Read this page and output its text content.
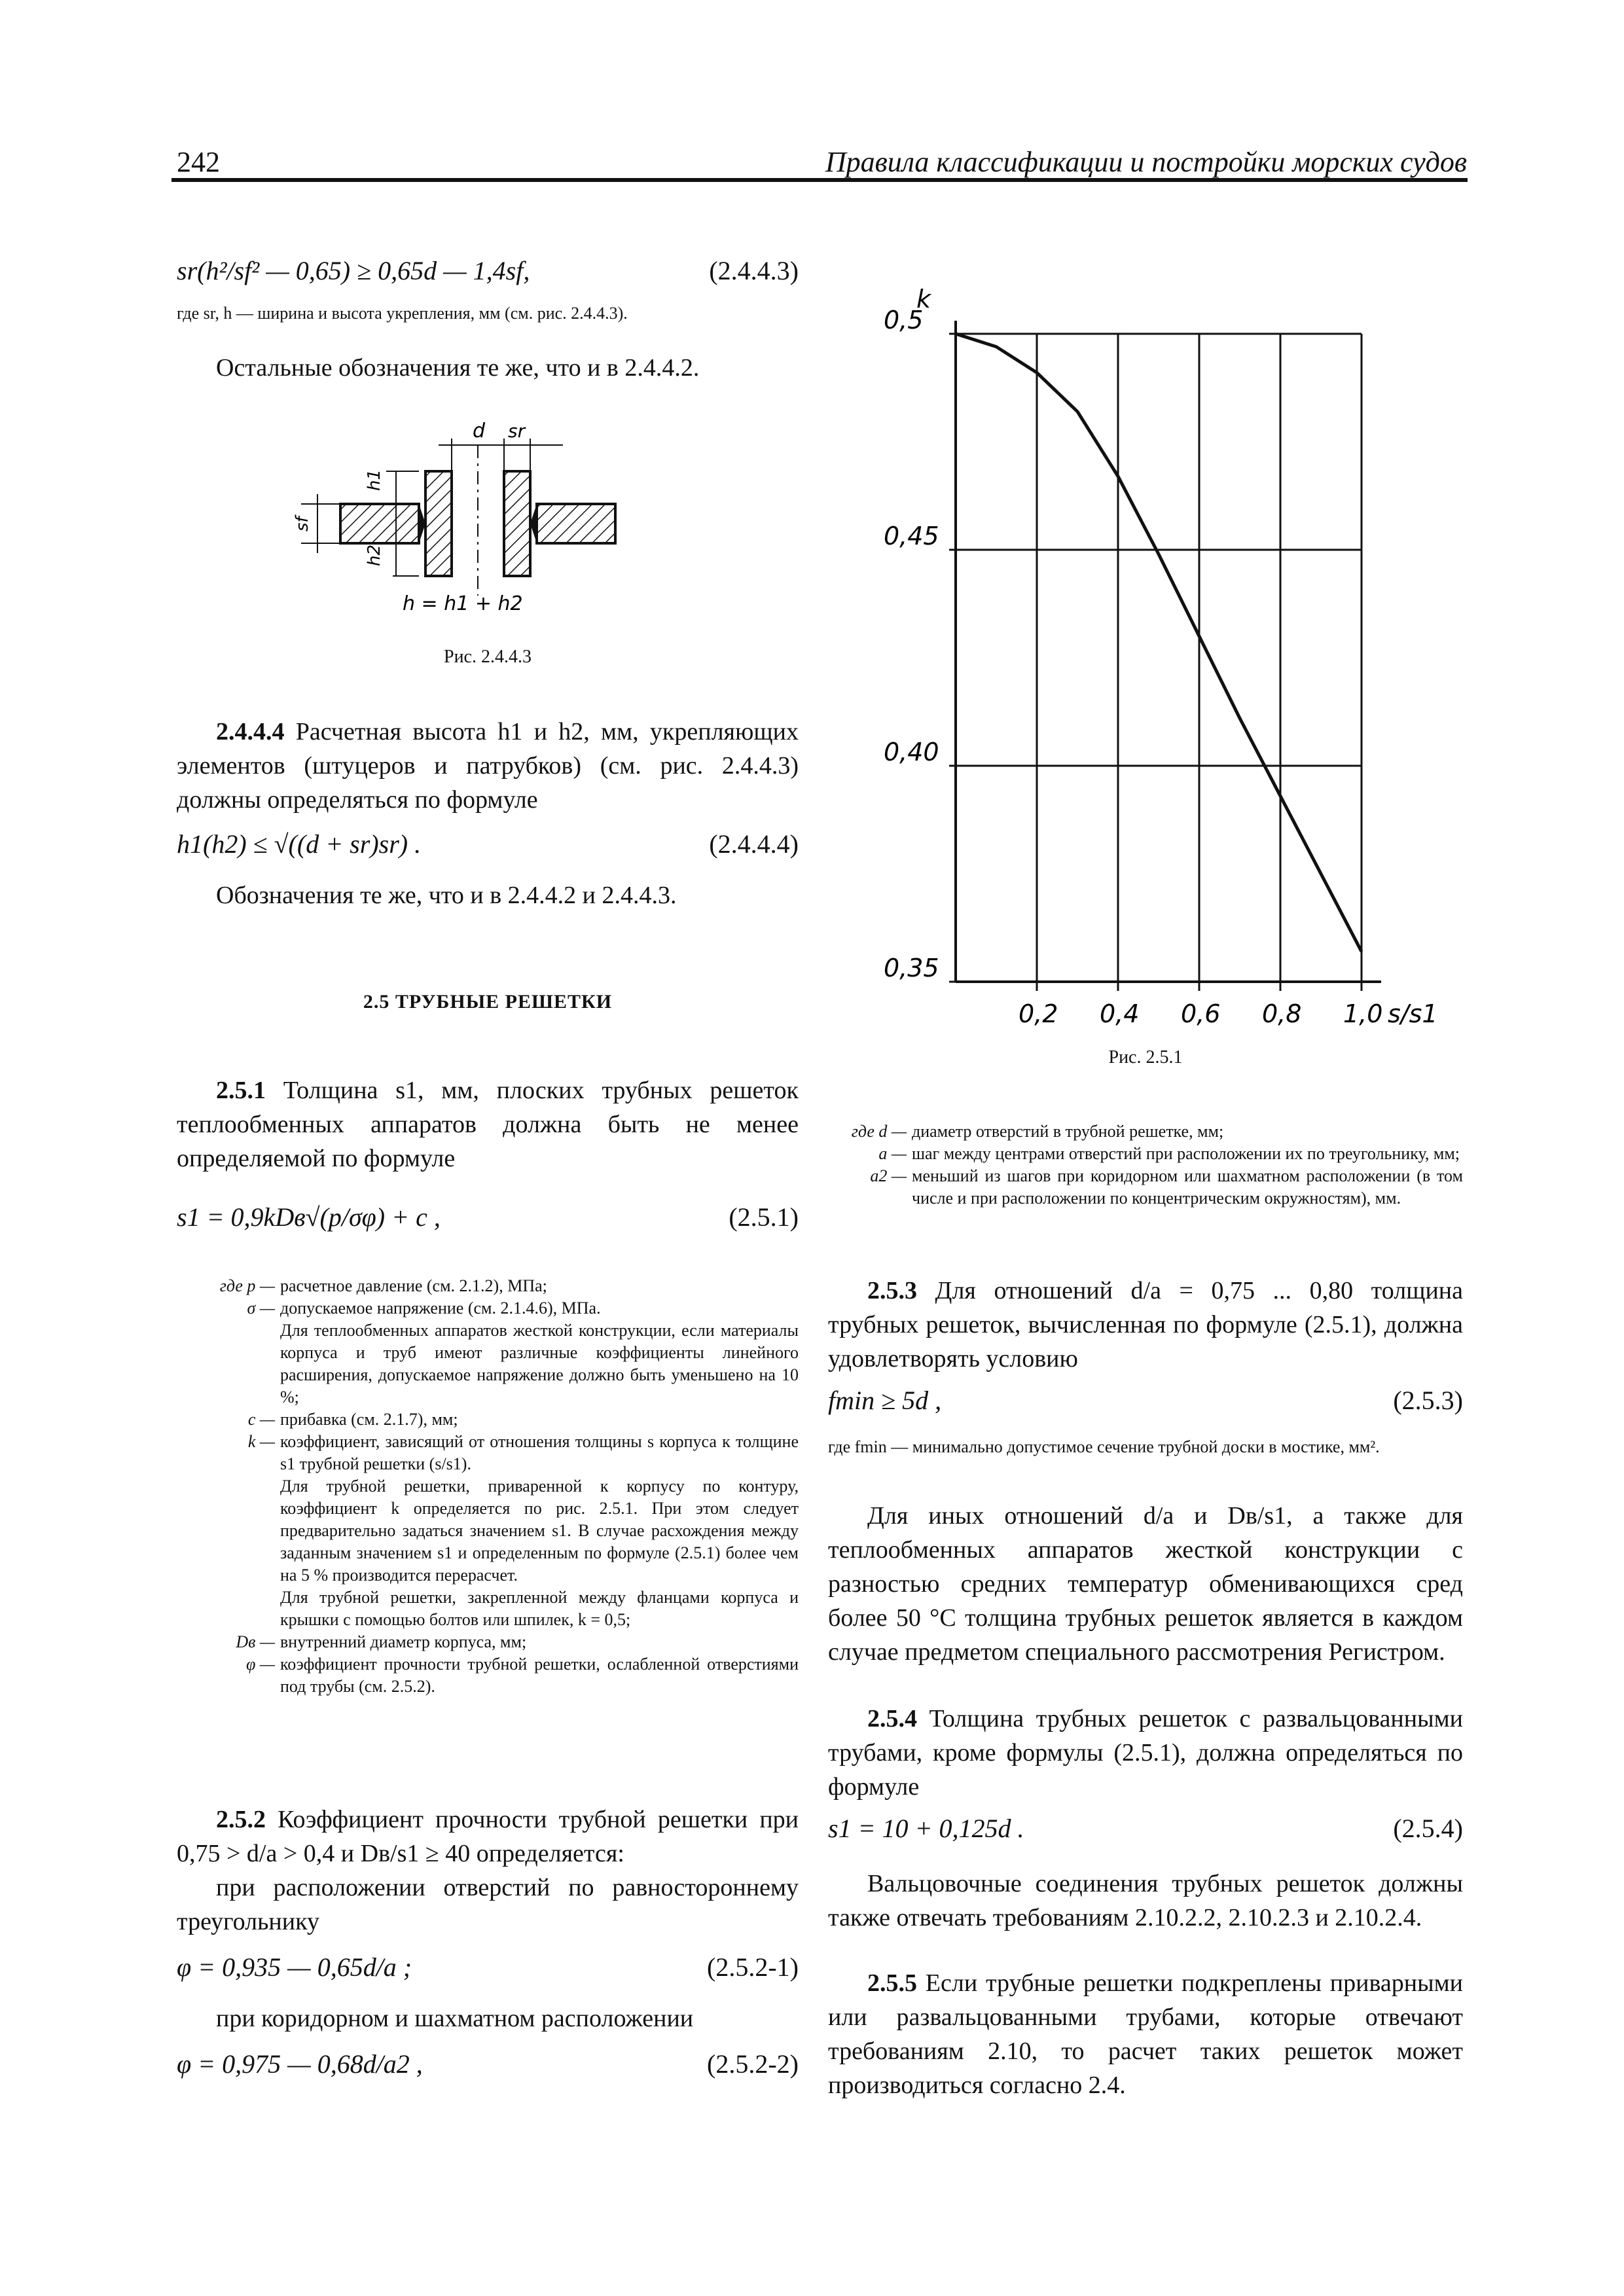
242	Правила классификации и постройки морских судов
sr(h²/sf² — 0,65) ≥ 0,65d — 1,4sf,	(2.4.4.3)
где sr, h — ширина и высота укрепления, мм (см. рис. 2.4.4.3).
Остальные обозначения те же, что и в 2.4.4.2.
d sr
h1
h2
sf
h = h1 + h2
Рис. 2.4.4.3
2.4.4.4 Расчетная высота h1 и h2, мм, укрепляющих элементов (штуцеров и патрубков) (см. рис. 2.4.4.3) должны определяться по формуле
h1(h2) ≤ √((d + sr)sr) .	(2.4.4.4)
Обозначения те же, что и в 2.4.4.2 и 2.4.4.3.
2.5 ТРУБНЫЕ РЕШЕТКИ
2.5.1 Толщина s1, мм, плоских трубных решеток теплообменных аппаратов должна быть не менее определяемой по формуле
s1 = 0,9kDв√(p/σφ) + c ,	(2.5.1)
где p — расчетное давление (см. 2.1.2), МПа;
σ — допускаемое напряжение (см. 2.1.4.6), МПа.
Для теплообменных аппаратов жесткой конструкции, если материалы корпуса и труб имеют различные коэффициенты линейного расширения, допускаемое напряжение должно быть уменьшено на 10 %;
c — прибавка (см. 2.1.7), мм;
k — коэффициент, зависящий от отношения толщины s корпуса к толщине s1 трубной решетки (s/s1).
Для трубной решетки, приваренной к корпусу по контуру, коэффициент k определяется по рис. 2.5.1. При этом следует предварительно задаться значением s1. В случае расхождения между заданным значением s1 и определенным по формуле (2.5.1) более чем на 5 % производится перерасчет.
Для трубной решетки, закрепленной между фланцами корпуса и крышки с помощью болтов или шпилек, k = 0,5;
Dв — внутренний диаметр корпуса, мм;
φ — коэффициент прочности трубной решетки, ослабленной отверстиями под трубы (см. 2.5.2).
2.5.2 Коэффициент прочности трубной решетки при 0,75 > d/a > 0,4 и Dв/s1 ≥ 40 определяется:
при расположении отверстий по равностороннему треугольнику
φ = 0,935 — 0,65d/a ;	(2.5.2-1)
при коридорном и шахматном расположении
φ = 0,975 — 0,68d/a2 ,	(2.5.2-2)
0,2 0,4 0,6 0,8 1,0
0,5
0,45
0,40
0,35
k
s/s1
Рис. 2.5.1
где d — диаметр отверстий в трубной решетке, мм;
a — шаг между центрами отверстий при расположении их по треугольнику, мм;
a2 — меньший из шагов при коридорном или шахматном расположении (в том числе и при расположении по концентрическим окружностям), мм.
2.5.3 Для отношений d/a = 0,75 ... 0,80 толщина трубных решеток, вычисленная по формуле (2.5.1), должна удовлетворять условию
fmin ≥ 5d ,	(2.5.3)
где fmin — минимально допустимое сечение трубной доски в мостике, мм².
Для иных отношений d/a и Dв/s1, а также для теплообменных аппаратов жесткой конструкции с разностью средних температур обменивающихся сред более 50 °С толщина трубных решеток является в каждом случае предметом специального рассмотрения Регистром.
2.5.4 Толщина трубных решеток с развальцованными трубами, кроме формулы (2.5.1), должна определяться по формуле
s1 = 10 + 0,125d .	(2.5.4)
Вальцовочные соединения трубных решеток должны также отвечать требованиям 2.10.2.2, 2.10.2.3 и 2.10.2.4.
2.5.5 Если трубные решетки подкреплены приварными или развальцованными трубами, которые отвечают требованиям 2.10, то расчет таких решеток может производиться согласно 2.4.
